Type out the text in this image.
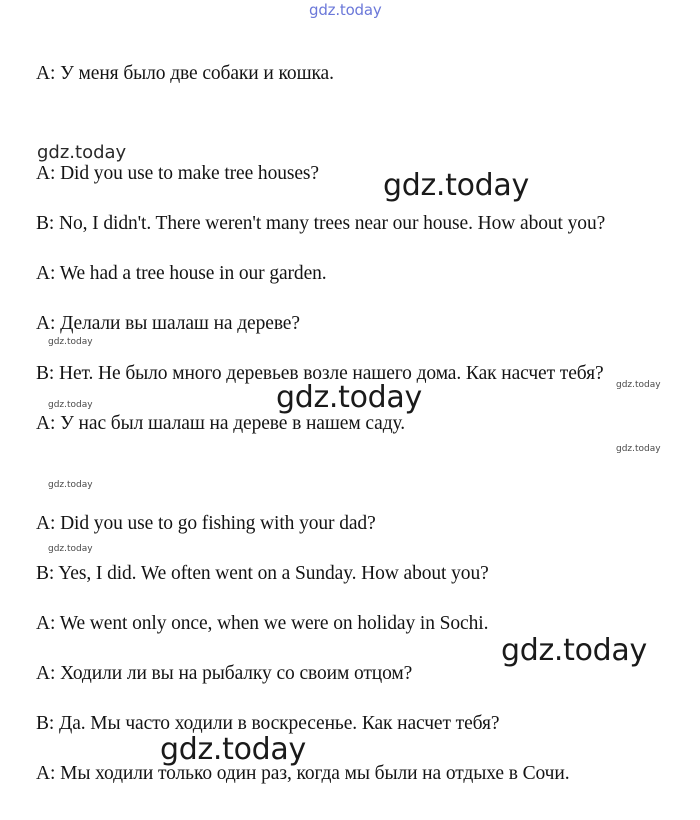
gdz.today
gdz.today
gdz.today
gdz.today
gdz.today
gdz.today
gdz.today
gdz.today
gdz.today
gdz.today
gdz.today
gdz.today
A: У меня было две собаки и кошка.
A: Did you use to make tree houses?
B: No, I didn't. There weren't many trees near our house. How about you?
A: We had a tree house in our garden.
A: Делали вы шалаш на дереве?
B: Нет. Не было много деревьев возле нашего дома. Как насчет тебя?
A: У нас был шалаш на дереве в нашем саду.
A: Did you use to go fishing with your dad?
B: Yes, I did. We often went on a Sunday. How about you?
A: We went only once, when we were on holiday in Sochi.
A: Ходили ли вы на рыбалку со своим отцом?
B: Да. Мы часто ходили в воскресенье. Как насчет тебя?
A: Мы ходили только один раз, когда мы были на отдыхе в Сочи.
